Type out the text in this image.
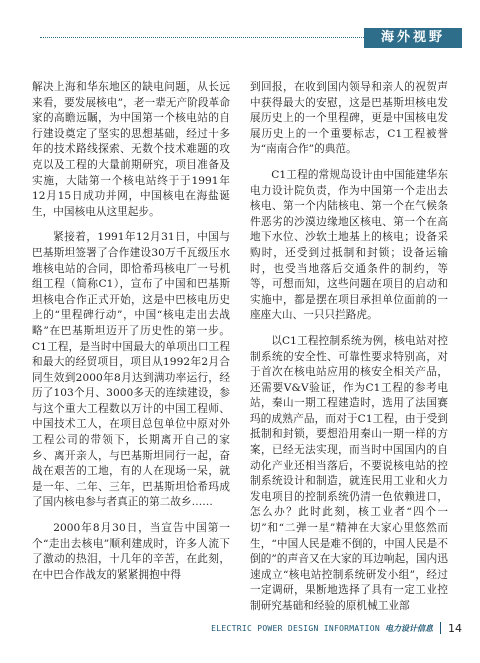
海外视野

解决上海和华东地区的缺电问题，从长远来看，要发展核电”，老一辈无产阶段革命家的高瞻远瞩，为中国第一个核电站的自行建设奠定了坚实的思想基础，经过十多年的技术路线探索、无数个技术难题的攻克以及工程的大量前期研究，项目准备及实施，大陆第一个核电站终于于1991年12月15日成功并网，中国核电在海盐诞生，中国核电从这里起步。

紧接着，1991年12月31日，中国与巴基斯坦签署了合作建设30万千瓦级压水堆核电站的合同，即恰希玛核电厂一号机组工程（简称C1），宣布了中国和巴基斯坦核电合作正式开始，这是中巴核电历史上的“里程碑行动”，中国“核电走出去战略”在巴基斯坦迈开了历史性的第一步。C1工程，是当时中国最大的单项出口工程和最大的经贸项目，项目从1992年2月合同生效到2000年8月达到满功率运行，经历了103个月、3000多天的连续建设，参与这个重大工程数以万计的中国工程师、中国技术工人，在项目总包单位中原对外工程公司的带领下，长期离开自己的家乡、离开亲人，与巴基斯坦同行一起，奋战在艰苦的工地，有的人在现场一呆，就是一年、二年、三年，巴基斯坦恰希玛成了国内核电参与者真正的第二故乡……

2000年8月30日，当宣告中国第一个“走出去核电”顺利建成时，许多人流下了激动的热泪，十几年的辛苦，在此刻，在中巴合作战友的紧紧拥抱中得

到回报，在收到国内领导和亲人的祝贺声中获得最大的安慰，这是巴基斯坦核电发展历史上的一个里程碑，更是中国核电发展历史上的一个重要标志，C1工程被誉为“南南合作”的典范。

C1工程的常规岛设计由中国能建华东电力设计院负责，作为中国第一个走出去核电、第一个内陆核电、第一个在气候条件恶劣的沙漠边缘地区核电、第一个在高地下水位、沙软土地基上的核电；设备采购时，还受到过抵制和封锁；设备运输时，也受当地落后交通条件的制约，等等，可想而知，这些问题在项目的启动和实施中，都是摆在项目承担单位面前的一座座大山、一只只拦路虎。

以C1工程控制系统为例，核电站对控制系统的安全性、可靠性要求特别高，对于首次在核电站应用的核安全相关产品，还需要V&V验证，作为C1工程的参考电站，秦山一期工程建造时，选用了法国赛玛的成熟产品，而对于C1工程，由于受到抵制和封锁，要想沿用秦山一期一样的方案，已经无法实现，而当时中国国内的自动化产业还相当落后，不要说核电站的控制系统设计和制造，就连民用工业和火力发电项目的控制系统仍清一色依赖进口，怎么办？此时此刻，核工业者“四个一切”和“二弹一星”精神在大家心里悠然而生，“中国人民是难不倒的，中国人民是不倒的”的声音又在大家的耳边响起，国内迅速成立“核电站控制系统研发小组”，经过一定调研，果断地选择了具有一定工业控制研究基础和经验的原机械工业部

ELECTRIC POWER DESIGN INFORMATION 电力设计信息 14
